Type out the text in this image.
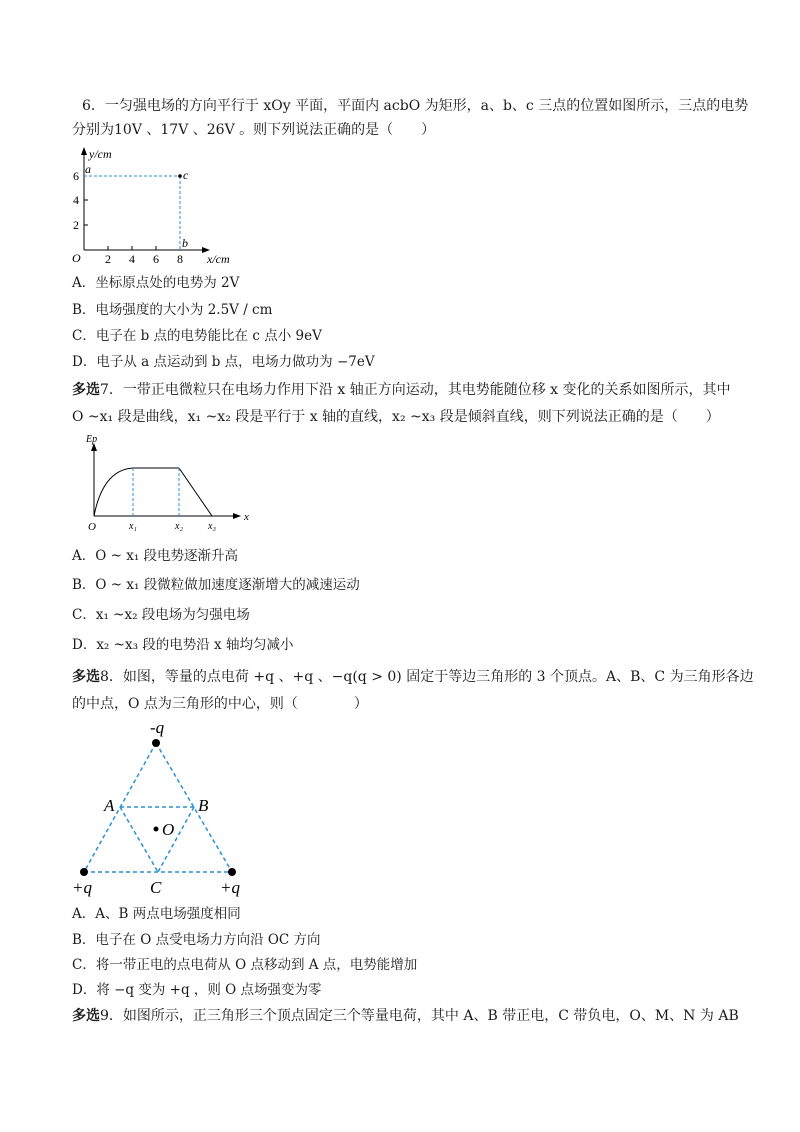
6．一匀强电场的方向平行于 xOy 平面，平面内 acbO 为矩形，a、b、c 三点的位置如图所示，三点的电势
分别为10V 、17V 、26V 。则下列说法正确的是（　　）
y/cm
x/cm
O 2 4 6 8
2
4
6 a	c
b
A．坐标原点处的电势为 2V
B．电场强度的大小为 2.5V / cm
C．电子在 b 点的电势能比在 c 点小 9eV
D．电子从 a 点运动到 b 点，电场力做功为 −7eV
多选7．一带正电微粒只在电场力作用下沿 x 轴正方向运动，其电势能随位移 x 变化的关系如图所示，其中
O ~x₁ 段是曲线，x₁ ~x₂ 段是平行于 x 轴的直线，x₂ ~x₃ 段是倾斜直线，则下列说法正确的是（　　）
Ep
x
O	x₁	x₂	x₃
A．O ~ x₁ 段电势逐渐升高
B．O ~ x₁ 段微粒做加速度逐渐增大的减速运动
C．x₁ ~x₂ 段电场为匀强电场
D．x₂ ~x₃ 段的电势沿 x 轴均匀减小
多选8．如图，等量的点电荷 +q 、+q 、−q(q > 0) 固定于等边三角形的 3 个顶点。A、B、C 为三角形各边
的中点，O 点为三角形的中心，则（　　　　）
-q
+q	+q
A	B
C
O
A．A、B 两点电场强度相同
B．电子在 O 点受电场力方向沿 OC 方向
C．将一带正电的点电荷从 O 点移动到 A 点，电势能增加
D．将 −q 变为 +q ，则 O 点场强变为零
多选9．如图所示，正三角形三个顶点固定三个等量电荷，其中 A、B 带正电，C 带负电，O、M、N 为 AB
